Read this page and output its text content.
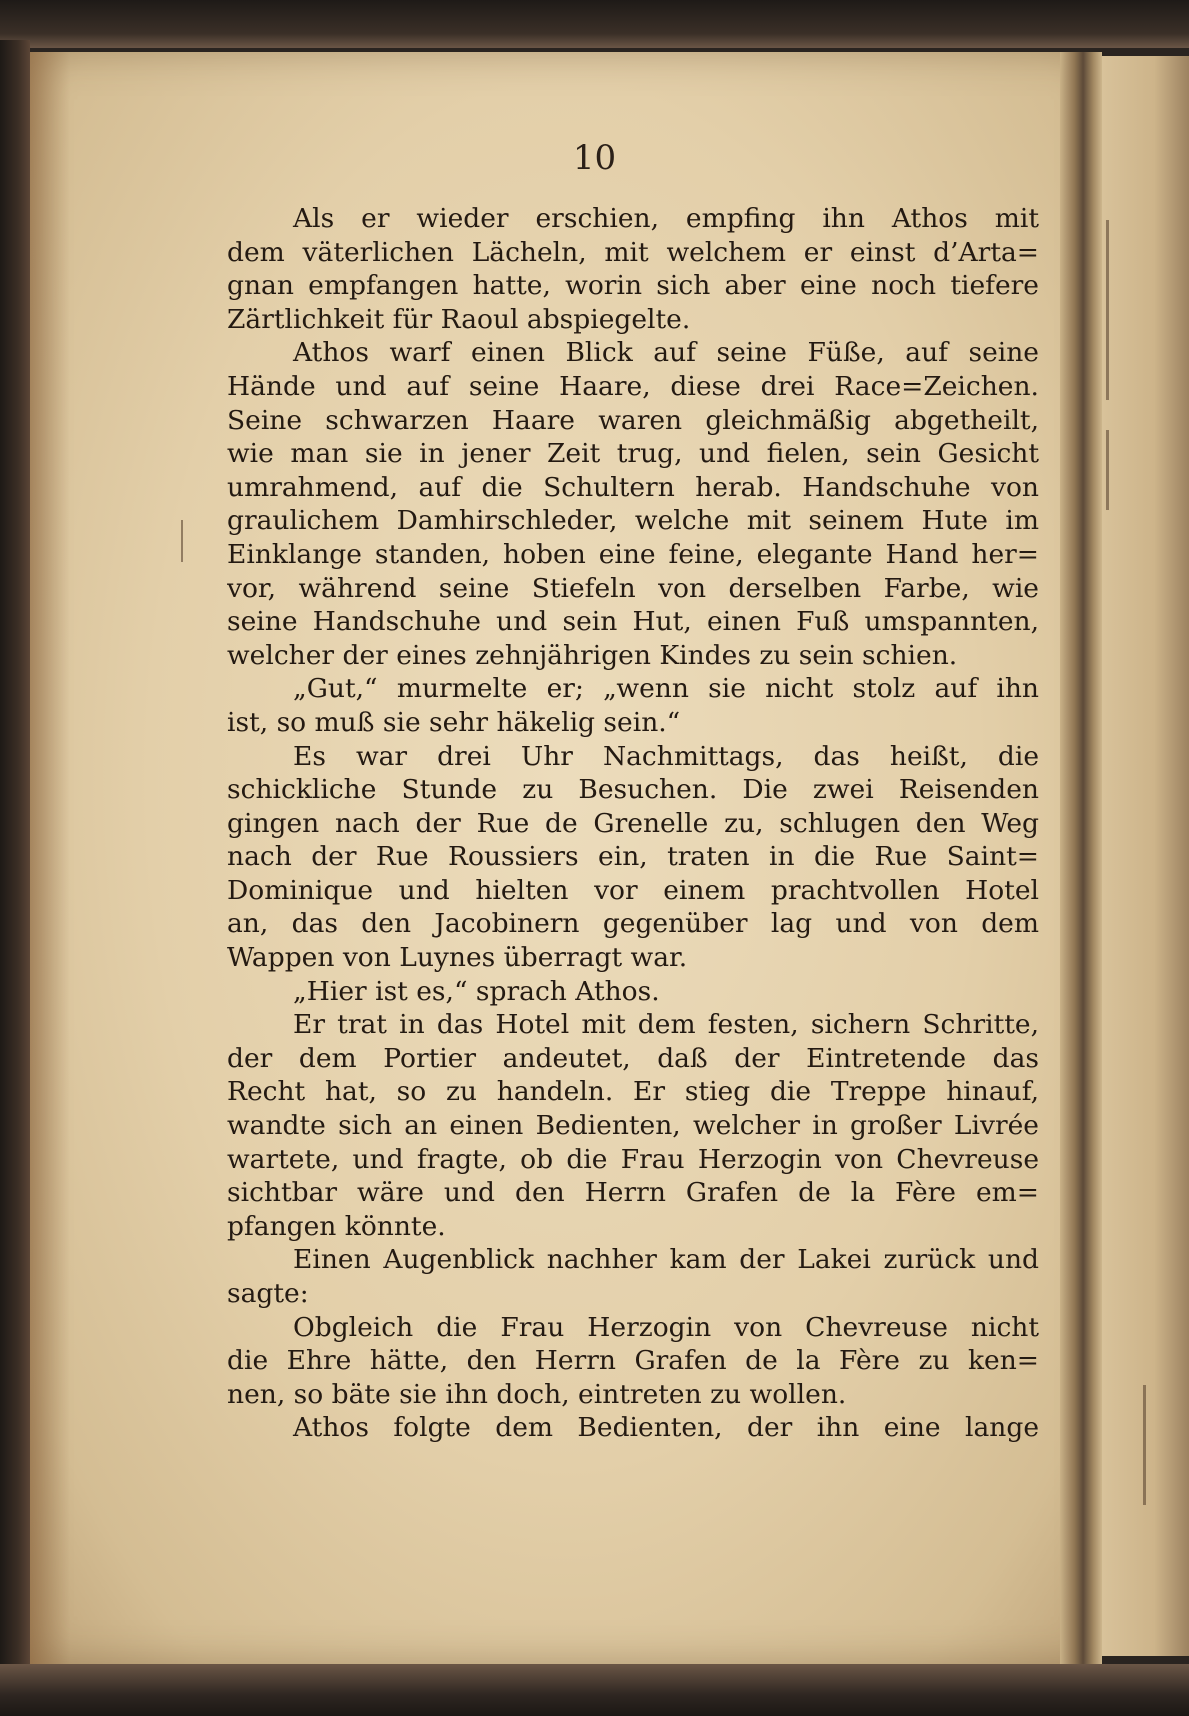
10
Als er wieder erschien, empfing ihn Athos mit
dem väterlichen Lächeln, mit welchem er einst d’Arta=
gnan empfangen hatte, worin sich aber eine noch tiefere
Zärtlichkeit für Raoul abspiegelte.
Athos warf einen Blick auf seine Füße, auf seine
Hände und auf seine Haare, diese drei Race=Zeichen.
Seine schwarzen Haare waren gleichmäßig abgetheilt,
wie man sie in jener Zeit trug, und fielen, sein Gesicht
umrahmend, auf die Schultern herab. Handschuhe von
graulichem Damhirschleder, welche mit seinem Hute im
Einklange standen, hoben eine feine, elegante Hand her=
vor, während seine Stiefeln von derselben Farbe, wie
seine Handschuhe und sein Hut, einen Fuß umspannten,
welcher der eines zehnjährigen Kindes zu sein schien.
„Gut,“ murmelte er; „wenn sie nicht stolz auf ihn
ist, so muß sie sehr häkelig sein.“
Es war drei Uhr Nachmittags, das heißt, die
schickliche Stunde zu Besuchen. Die zwei Reisenden
gingen nach der Rue de Grenelle zu, schlugen den Weg
nach der Rue Roussiers ein, traten in die Rue Saint=
Dominique und hielten vor einem prachtvollen Hotel
an, das den Jacobinern gegenüber lag und von dem
Wappen von Luynes überragt war.
„Hier ist es,“ sprach Athos.
Er trat in das Hotel mit dem festen, sichern Schritte,
der dem Portier andeutet, daß der Eintretende das
Recht hat, so zu handeln. Er stieg die Treppe hinauf,
wandte sich an einen Bedienten, welcher in großer Livrée
wartete, und fragte, ob die Frau Herzogin von Chevreuse
sichtbar wäre und den Herrn Grafen de la Fère em=
pfangen könnte.
Einen Augenblick nachher kam der Lakei zurück und
sagte:
Obgleich die Frau Herzogin von Chevreuse nicht
die Ehre hätte, den Herrn Grafen de la Fère zu ken=
nen, so bäte sie ihn doch, eintreten zu wollen.
Athos folgte dem Bedienten, der ihn eine lange
